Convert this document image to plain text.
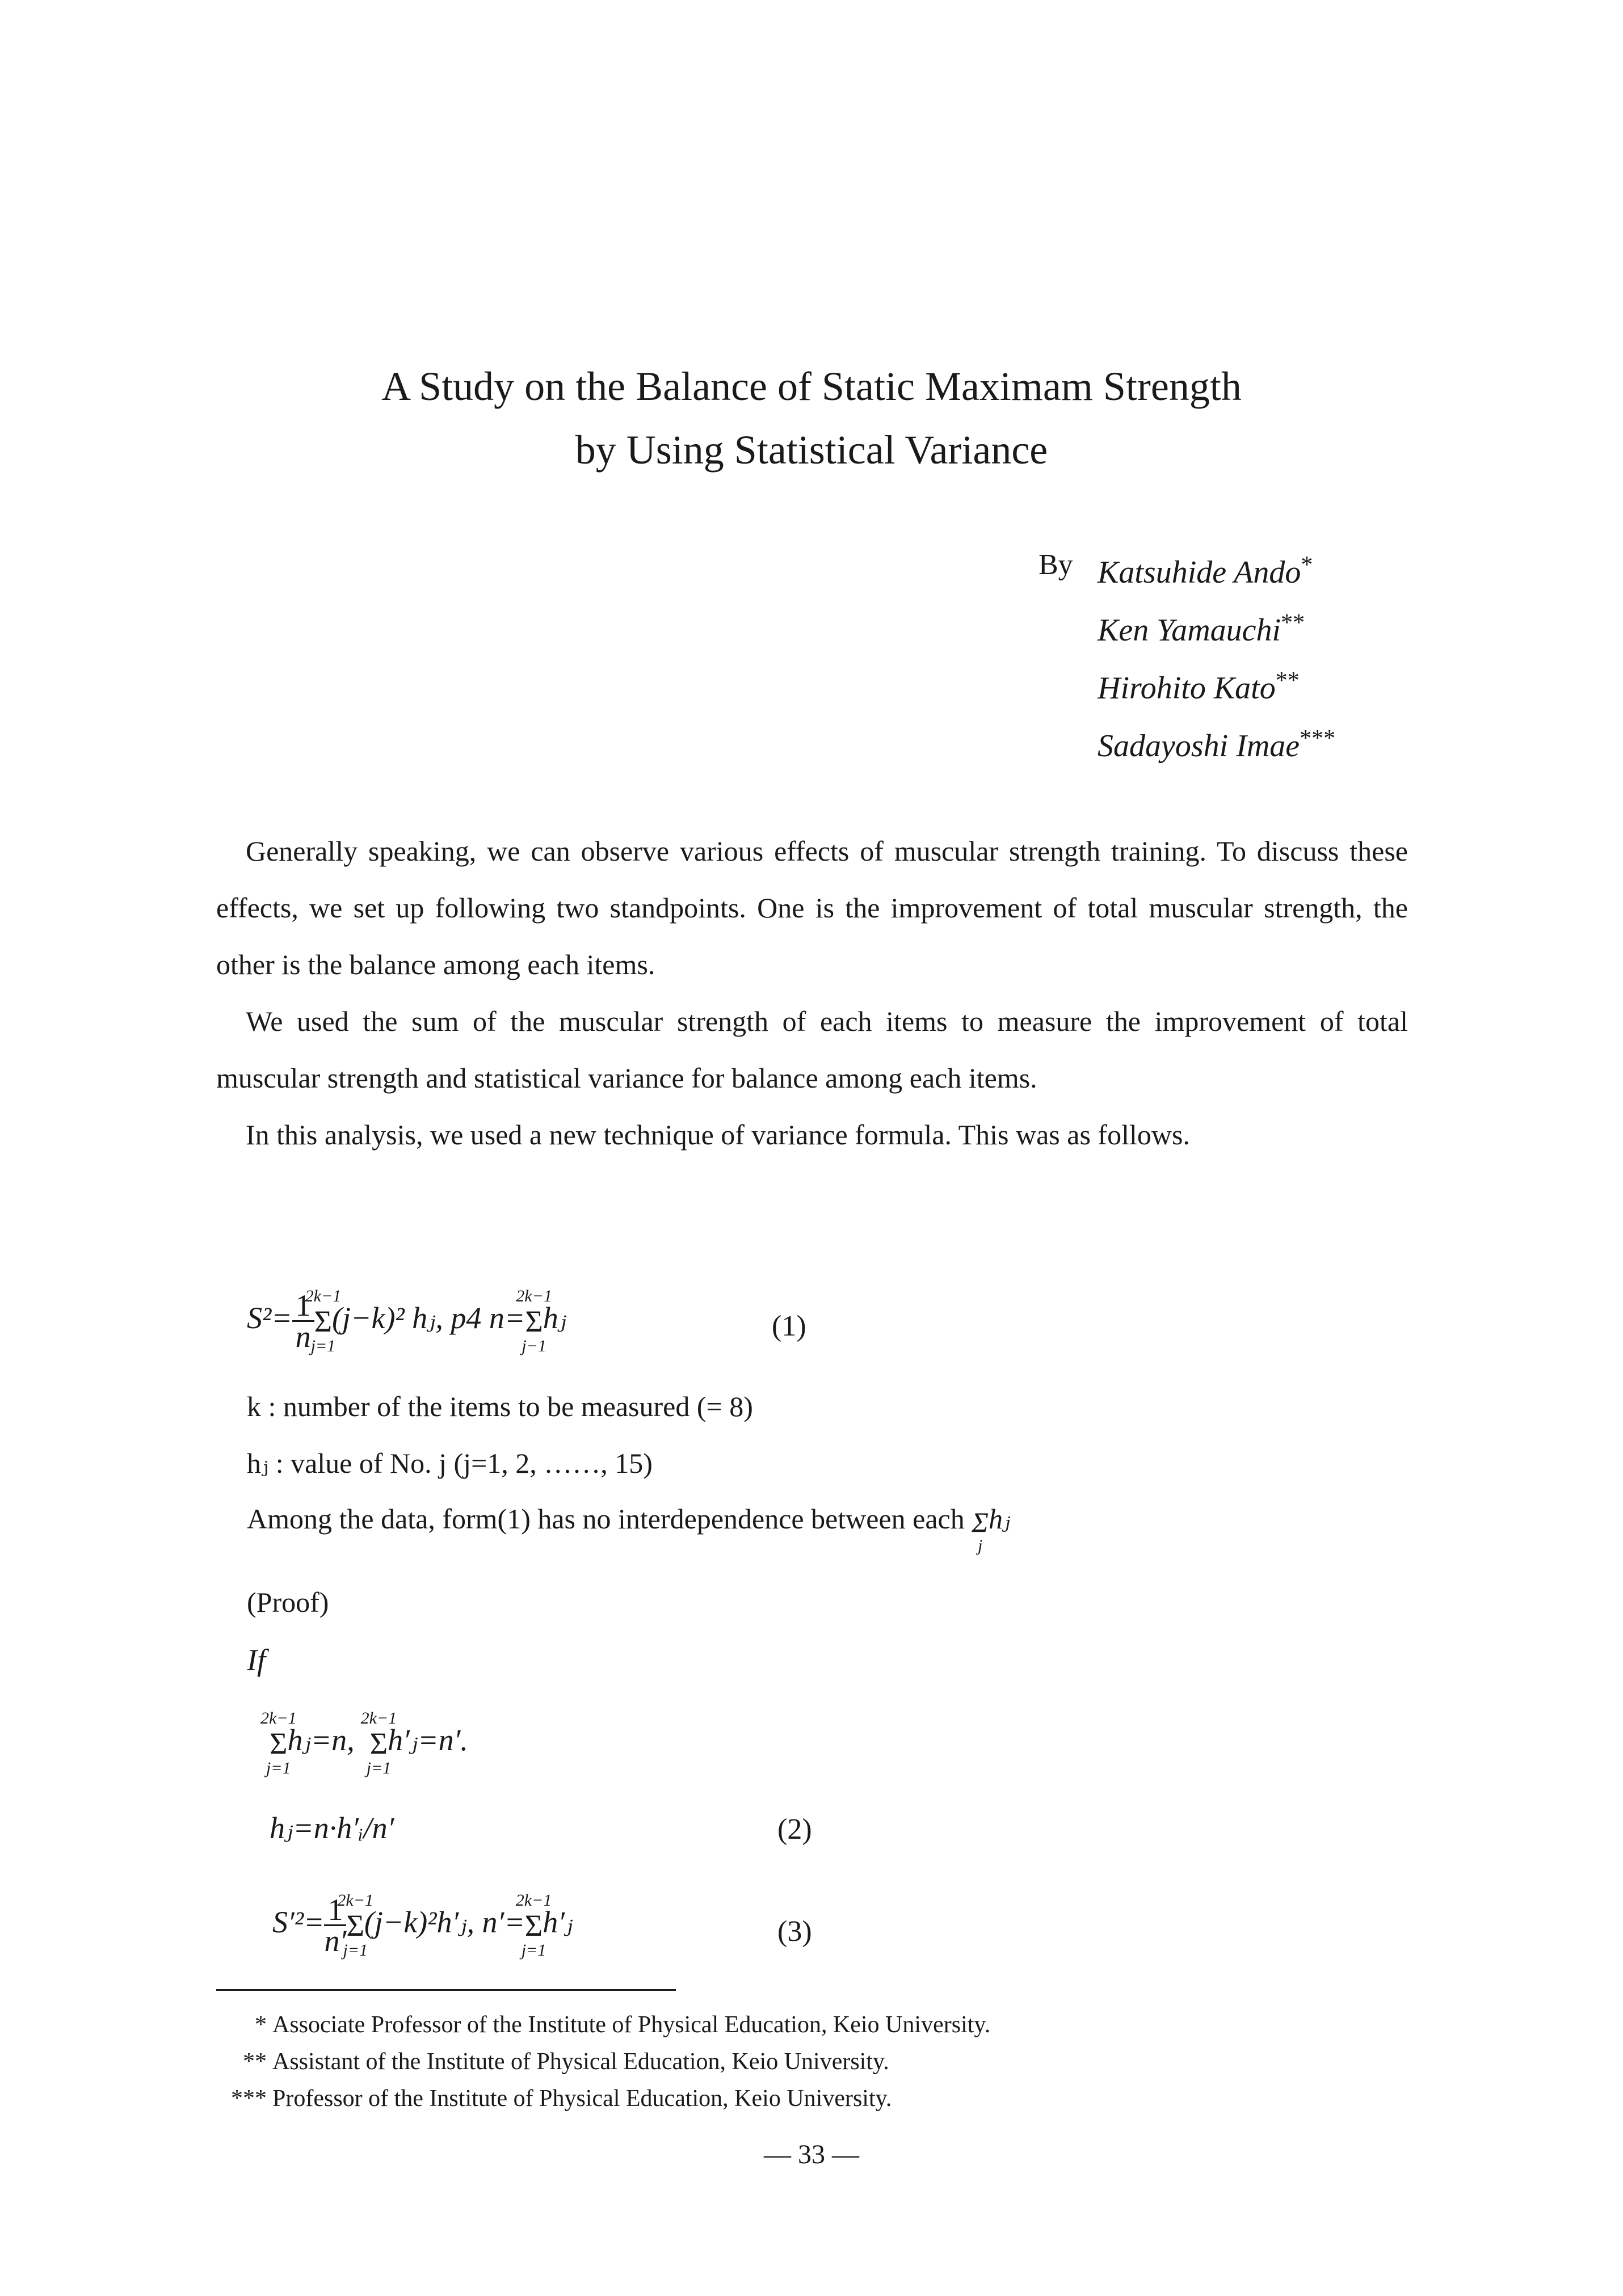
A Study on the Balance of Static Maximam Strength
by Using Statistical Variance
By Katsuhide Ando*
Ken Yamauchi**
Hirohito Kato**
Sadayoshi Imae***

Generally speaking, we can observe various effects of muscular strength training. To discuss these effects, we set up following two standpoints. One is the improvement of total muscular strength, the other is the balance among each items.

We used the sum of the muscular strength of each items to measure the improvement of total muscular strength and statistical variance for balance among each items.

In this analysis, we used a new technique of variance formula. This was as follows.

$S^2= \frac{1}{n}$ Σ
2k−1
j=1
(j−k)² hⱼ, p4 n=Σ
2k−1
j−1
hⱼ	(1)
k : number of the items to be measured (= 8)
hⱼ : value of No. j (j=1, 2, ……, 15)
Among the data, form(1) has no interdependence between each Σ
j
hⱼ
(Proof)
If
Σ
2k−1
j=1
hⱼ=n, Σ
2k−1
j=1
h′ⱼ=n′.
hⱼ=n·h′ᵢ/n′	(2)
$S'^2= \frac{1}{n'}$ Σ
2k−1
j=1
(j−k)²h′ⱼ, n′=Σ
2k−1
j=1
h′ⱼ	(3)
* Associate Professor of the Institute of Physical Education, Keio University.
** Assistant of the Institute of Physical Education, Keio University.
*** Professor of the Institute of Physical Education, Keio University.
— 33 —
